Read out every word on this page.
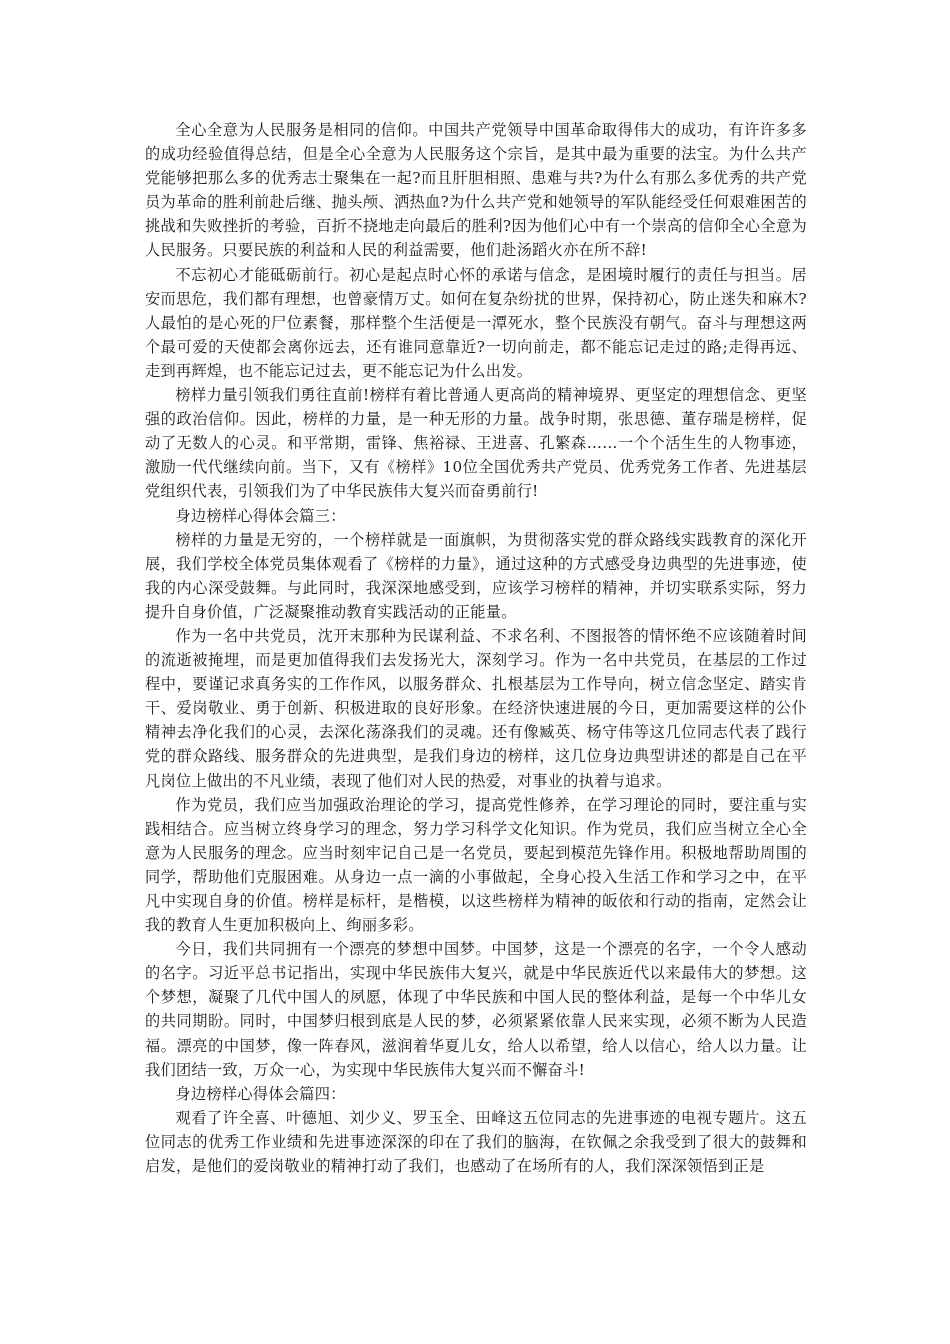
全心全意为人民服务是相同的信仰。中国共产党领导中国革命取得伟大的成功，有许许多多的成功经验值得总结，但是全心全意为人民服务这个宗旨，是其中最为重要的法宝。为什么共产党能够把那么多的优秀志士聚集在一起?而且肝胆相照、患难与共?为什么有那么多优秀的共产党员为革命的胜利前赴后继、抛头颅、洒热血?为什么共产党和她领导的军队能经受任何艰难困苦的挑战和失败挫折的考验，百折不挠地走向最后的胜利?因为他们心中有一个崇高的信仰全心全意为人民服务。只要民族的利益和人民的利益需要，他们赴汤蹈火亦在所不辞!

不忘初心才能砥砺前行。初心是起点时心怀的承诺与信念，是困境时履行的责任与担当。居安而思危，我们都有理想，也曾豪情万丈。如何在复杂纷扰的世界，保持初心，防止迷失和麻木?人最怕的是心死的尸位素餐，那样整个生活便是一潭死水，整个民族没有朝气。奋斗与理想这两个最可爱的天使都会离你远去，还有谁同意靠近?一切向前走，都不能忘记走过的路;走得再远、走到再辉煌，也不能忘记过去，更不能忘记为什么出发。

榜样力量引领我们勇往直前!榜样有着比普通人更高尚的精神境界、更坚定的理想信念、更坚强的政治信仰。因此，榜样的力量，是一种无形的力量。战争时期，张思德、董存瑞是榜样，促动了无数人的心灵。和平常期，雷锋、焦裕禄、王进喜、孔繁森……一个个活生生的人物事迹，激励一代代继续向前。当下，又有《榜样》10位全国优秀共产党员、优秀党务工作者、先进基层党组织代表，引领我们为了中华民族伟大复兴而奋勇前行!

身边榜样心得体会篇三：

榜样的力量是无穷的，一个榜样就是一面旗帜，为贯彻落实党的群众路线实践教育的深化开展，我们学校全体党员集体观看了《榜样的力量》，通过这种的方式感受身边典型的先进事迹，使我的内心深受鼓舞。与此同时，我深深地感受到，应该学习榜样的精神，并切实联系实际，努力提升自身价值，广泛凝聚推动教育实践活动的正能量。

作为一名中共党员，沈开末那种为民谋利益、不求名利、不图报答的情怀绝不应该随着时间的流逝被掩埋，而是更加值得我们去发扬光大，深刻学习。作为一名中共党员，在基层的工作过程中，要谨记求真务实的工作作风，以服务群众、扎根基层为工作导向，树立信念坚定、踏实肯干、爱岗敬业、勇于创新、积极进取的良好形象。在经济快速进展的今日，更加需要这样的公仆精神去净化我们的心灵，去深化荡涤我们的灵魂。还有像臧英、杨守伟等这几位同志代表了践行党的群众路线、服务群众的先进典型，是我们身边的榜样，这几位身边典型讲述的都是自己在平凡岗位上做出的不凡业绩，表现了他们对人民的热爱，对事业的执着与追求。

作为党员，我们应当加强政治理论的学习，提高党性修养，在学习理论的同时，要注重与实践相结合。应当树立终身学习的理念，努力学习科学文化知识。作为党员，我们应当树立全心全意为人民服务的理念。应当时刻牢记自己是一名党员，要起到模范先锋作用。积极地帮助周围的同学，帮助他们克服困难。从身边一点一滴的小事做起，全身心投入生活工作和学习之中，在平凡中实现自身的价值。榜样是标杆，是楷模，以这些榜样为精神的皈依和行动的指南，定然会让我的教育人生更加积极向上、绚丽多彩。

今日，我们共同拥有一个漂亮的梦想中国梦。中国梦，这是一个漂亮的名字，一个令人感动的名字。习近平总书记指出，实现中华民族伟大复兴，就是中华民族近代以来最伟大的梦想。这个梦想，凝聚了几代中国人的夙愿，体现了中华民族和中国人民的整体利益，是每一个中华儿女的共同期盼。同时，中国梦归根到底是人民的梦，必须紧紧依靠人民来实现，必须不断为人民造福。漂亮的中国梦，像一阵春风，滋润着华夏儿女，给人以希望，给人以信心，给人以力量。让我们团结一致，万众一心，为实现中华民族伟大复兴而不懈奋斗!

身边榜样心得体会篇四：

观看了许全喜、叶德旭、刘少义、罗玉全、田峰这五位同志的先进事迹的电视专题片。这五位同志的优秀工作业绩和先进事迹深深的印在了我们的脑海，在钦佩之余我受到了很大的鼓舞和启发，是他们的爱岗敬业的精神打动了我们，也感动了在场所有的人，我们深深领悟到正是
